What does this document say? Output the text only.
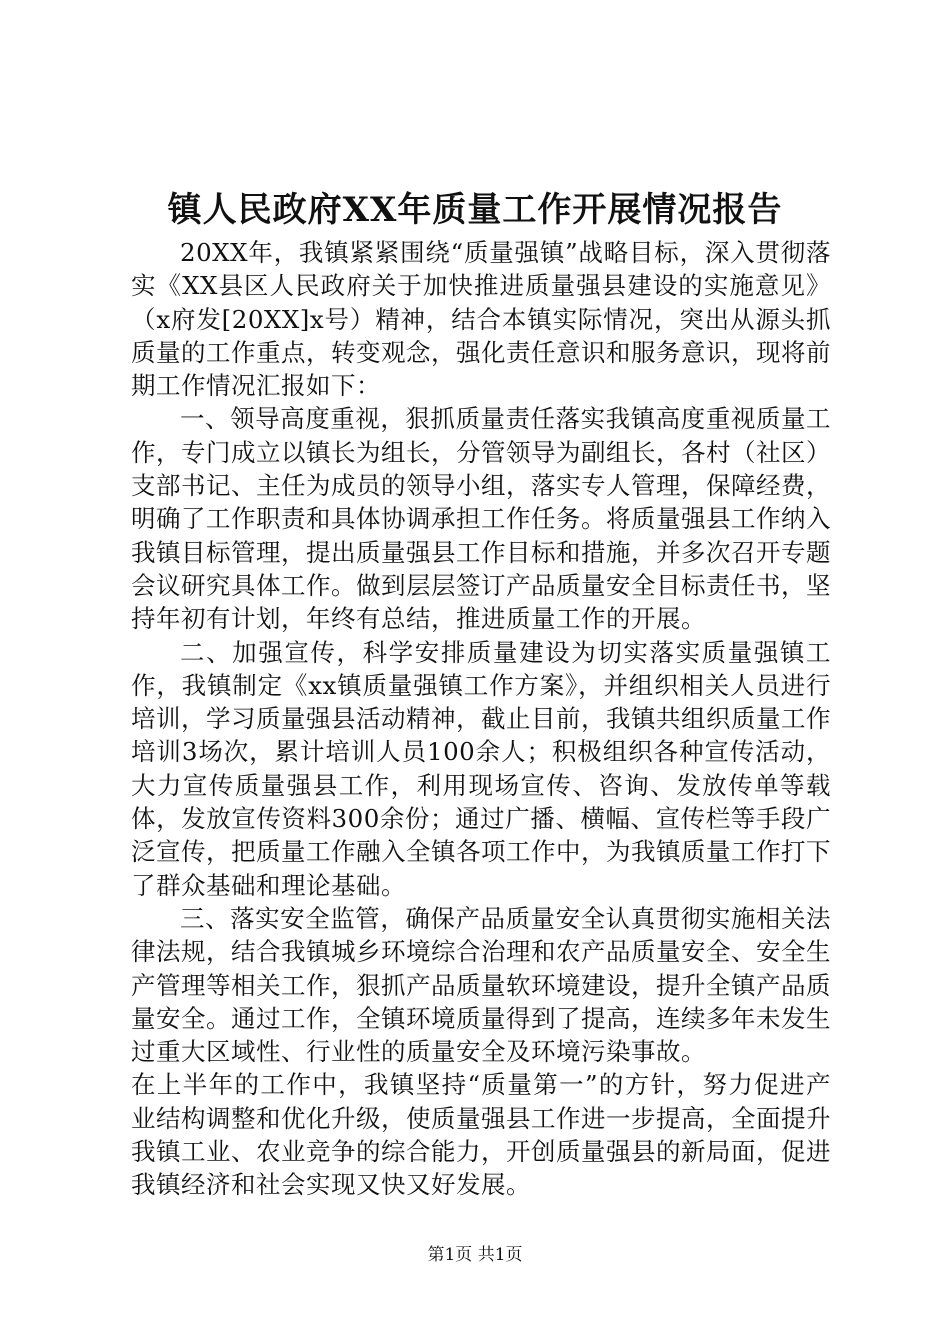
镇人民政府XX年质量工作开展情况报告

20XX年，我镇紧紧围绕“质量强镇”战略目标，深入贯彻落实《XX县区人民政府关于加快推进质量强县建设的实施意见》（x府发[20XX]x号）精神，结合本镇实际情况，突出从源头抓质量的工作重点，转变观念，强化责任意识和服务意识，现将前期工作情况汇报如下：

一、领导高度重视，狠抓质量责任落实我镇高度重视质量工作，专门成立以镇长为组长，分管领导为副组长，各村（社区）支部书记、主任为成员的领导小组，落实专人管理，保障经费，明确了工作职责和具体协调承担工作任务。将质量强县工作纳入我镇目标管理，提出质量强县工作目标和措施，并多次召开专题会议研究具体工作。做到层层签订产品质量安全目标责任书，坚持年初有计划，年终有总结，推进质量工作的开展。

二、加强宣传，科学安排质量建设为切实落实质量强镇工作，我镇制定《xx镇质量强镇工作方案》，并组织相关人员进行培训，学习质量强县活动精神，截止目前，我镇共组织质量工作培训3场次，累计培训人员100余人；积极组织各种宣传活动，大力宣传质量强县工作，利用现场宣传、咨询、发放传单等载体，发放宣传资料300余份；通过广播、横幅、宣传栏等手段广泛宣传，把质量工作融入全镇各项工作中，为我镇质量工作打下了群众基础和理论基础。

三、落实安全监管，确保产品质量安全认真贯彻实施相关法律法规，结合我镇城乡环境综合治理和农产品质量安全、安全生产管理等相关工作，狠抓产品质量软环境建设，提升全镇产品质量安全。通过工作，全镇环境质量得到了提高，连续多年未发生过重大区域性、行业性的质量安全及环境污染事故。

在上半年的工作中，我镇坚持“质量第一”的方针，努力促进产业结构调整和优化升级，使质量强县工作进一步提高，全面提升我镇工业、农业竞争的综合能力，开创质量强县的新局面，促进我镇经济和社会实现又快又好发展。

第1页 共1页
